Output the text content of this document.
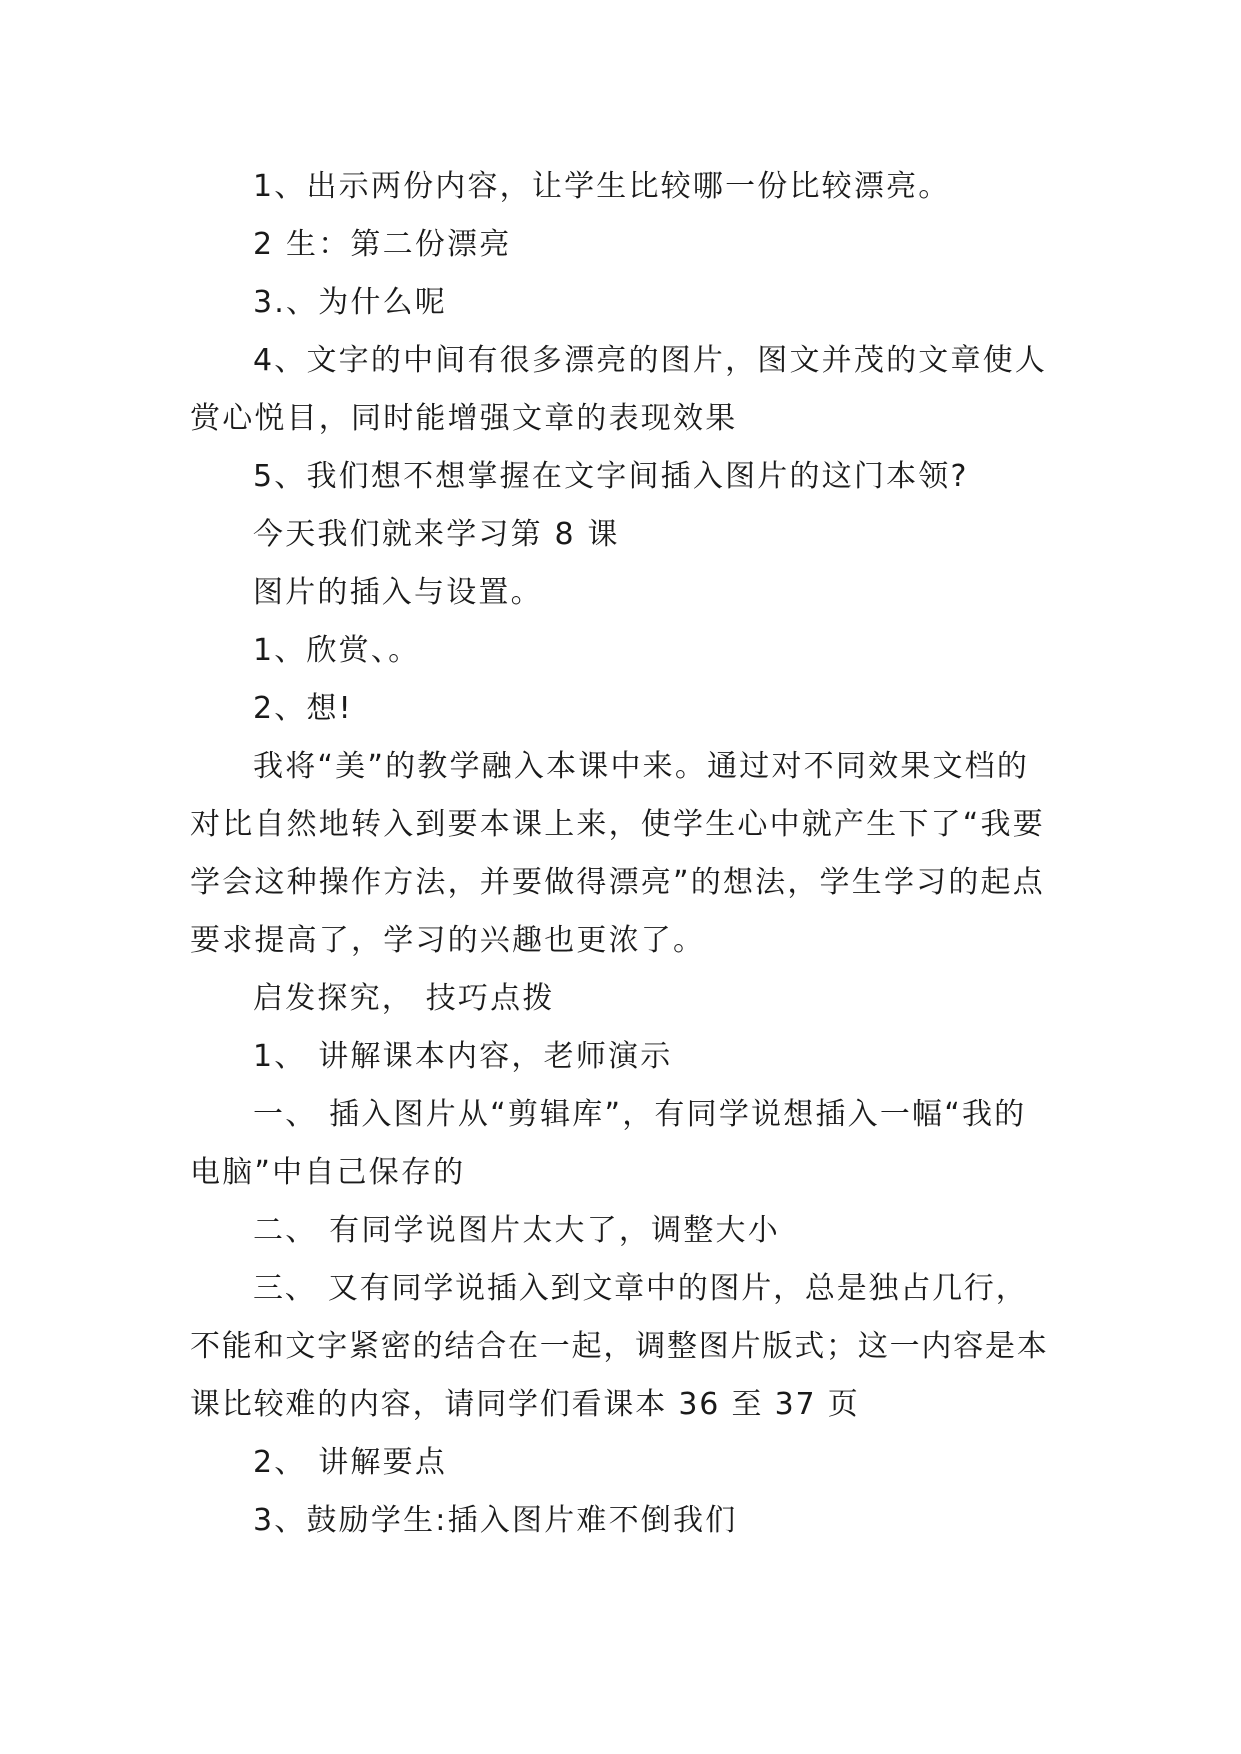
1、出示两份内容，让学生比较哪一份比较漂亮。

2 生：第二份漂亮

3.、为什么呢

4、文字的中间有很多漂亮的图片，图文并茂的文章使人赏心悦目，同时能增强文章的表现效果

5、我们想不想掌握在文字间插入图片的这门本领?

今天我们就来学习第 8 课

图片的插入与设置。

1、欣赏、。

2、想!

我将“美”的教学融入本课中来。通过对不同效果文档的对比自然地转入到要本课上来，使学生心中就产生下了“我要学会这种操作方法，并要做得漂亮”的想法，学生学习的起点要求提高了，学习的兴趣也更浓了。

启发探究， 技巧点拨

1、 讲解课本内容，老师演示

一、 插入图片从“剪辑库”，有同学说想插入一幅“我的电脑”中自己保存的

二、 有同学说图片太大了，调整大小

三、 又有同学说插入到文章中的图片，总是独占几行，不能和文字紧密的结合在一起，调整图片版式；这一内容是本课比较难的内容，请同学们看课本 36 至 37 页

2、 讲解要点

3、鼓励学生:插入图片难不倒我们
